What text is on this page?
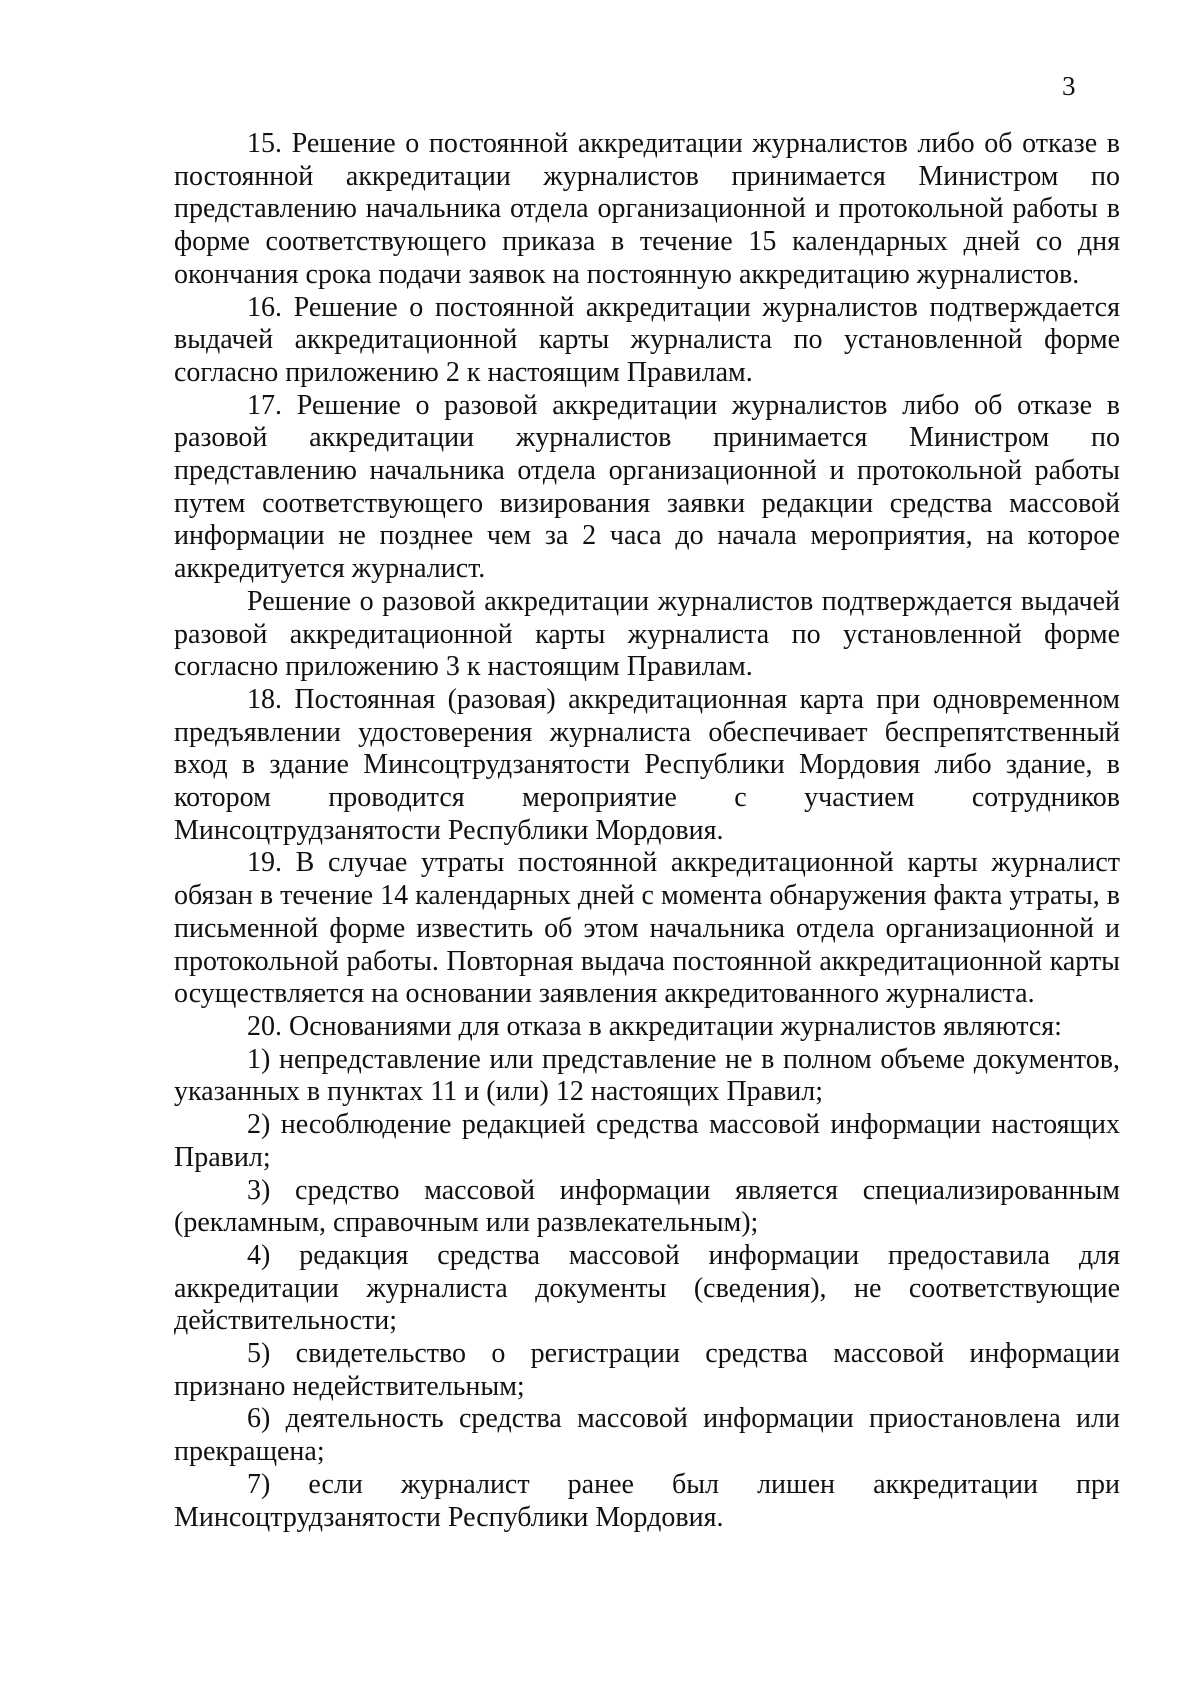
3

15. Решение о постоянной аккредитации журналистов либо об отказе в постоянной аккредитации журналистов принимается Министром по представлению начальника отдела организационной и протокольной работы в форме соответствующего приказа в течение 15 календарных дней со дня окончания срока подачи заявок на постоянную аккредитацию журналистов.

16. Решение о постоянной аккредитации журналистов подтверждается выдачей аккредитационной карты журналиста по установленной форме согласно приложению 2 к настоящим Правилам.

17. Решение о разовой аккредитации журналистов либо об отказе в разовой аккредитации журналистов принимается Министром по представлению начальника отдела организационной и протокольной работы путем соответствующего визирования заявки редакции средства массовой информации не позднее чем за 2 часа до начала мероприятия, на которое аккредитуется журналист.

Решение о разовой аккредитации журналистов подтверждается выдачей разовой аккредитационной карты журналиста по установленной форме согласно приложению 3 к настоящим Правилам.

18. Постоянная (разовая) аккредитационная карта при одновременном предъявлении удостоверения журналиста обеспечивает беспрепятственный вход в здание Минсоцтрудзанятости Республики Мордовия либо здание, в котором проводится мероприятие с участием сотрудников Минсоцтрудзанятости Республики Мордовия.

19. В случае утраты постоянной аккредитационной карты журналист обязан в течение 14 календарных дней с момента обнаружения факта утраты, в письменной форме известить об этом начальника отдела организационной и протокольной работы. Повторная выдача постоянной аккредитационной карты осуществляется на основании заявления аккредитованного журналиста.

20. Основаниями для отказа в аккредитации журналистов являются:

1) непредставление или представление не в полном объеме документов, указанных в пунктах 11 и (или) 12 настоящих Правил;

2) несоблюдение редакцией средства массовой информации настоящих Правил;

3) средство массовой информации является специализированным (рекламным, справочным или развлекательным);

4) редакция средства массовой информации предоставила для аккредитации журналиста документы (сведения), не соответствующие действительности;

5) свидетельство о регистрации средства массовой информации признано недействительным;

6) деятельность средства массовой информации приостановлена или прекращена;

7) если журналист ранее был лишен аккредитации при Минсоцтрудзанятости Республики Мордовия.
